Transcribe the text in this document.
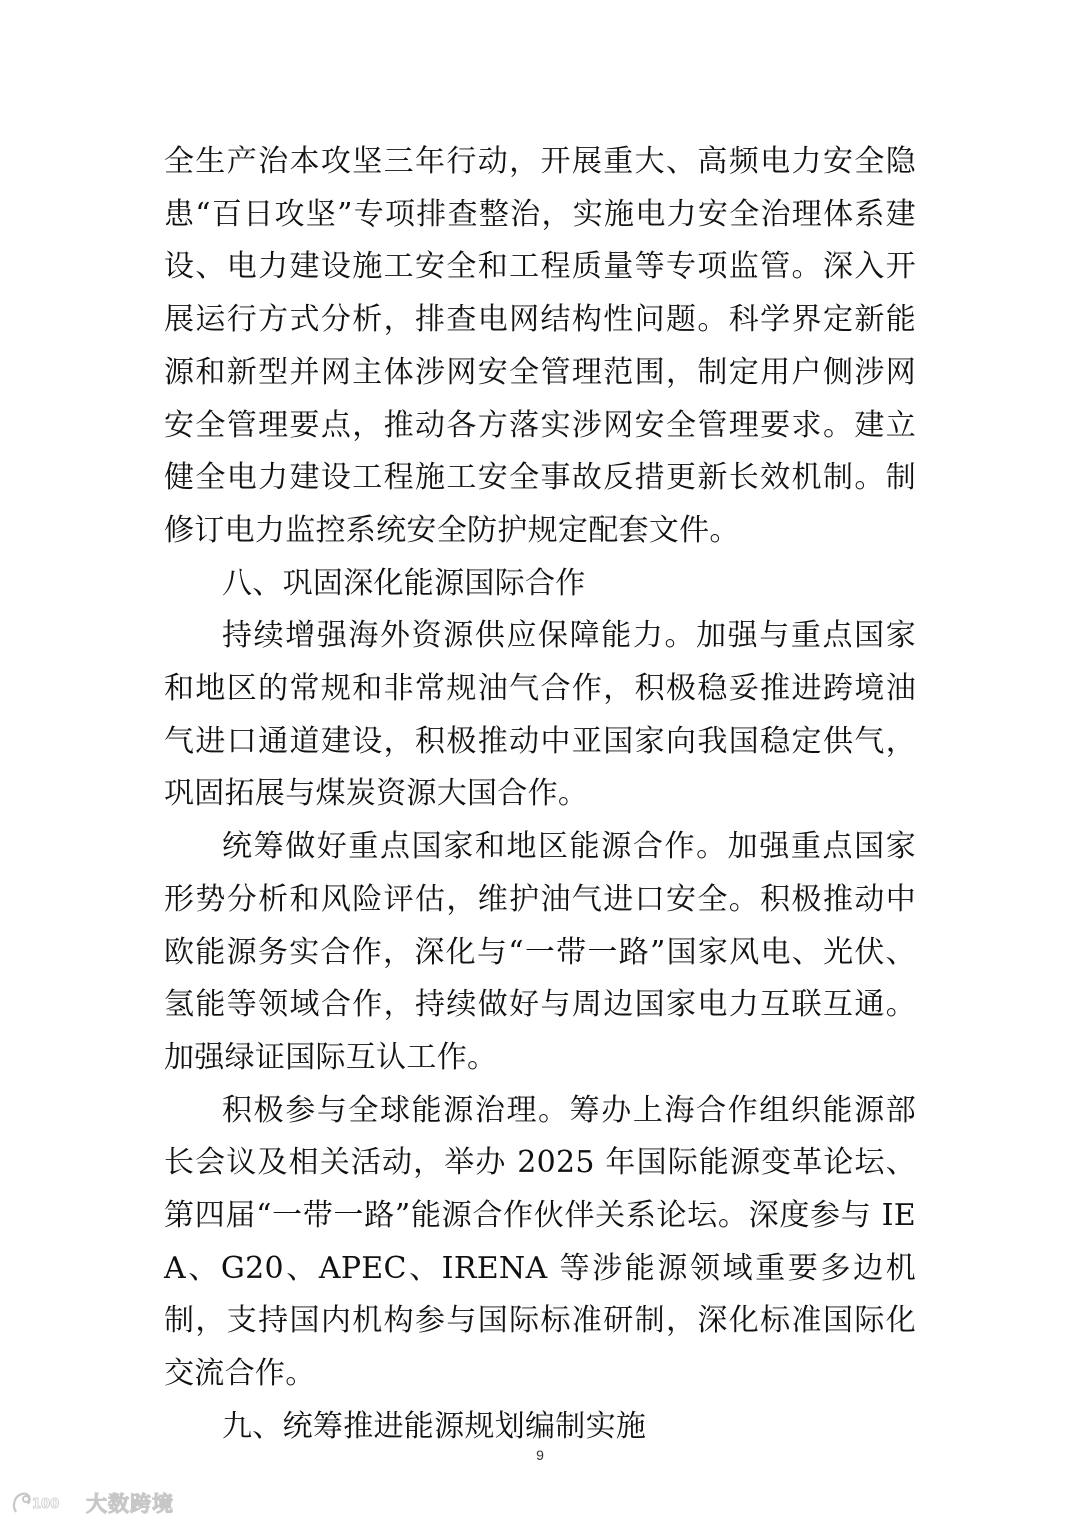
全生产治本攻坚三年行动，开展重大、高频电力安全隐患“百日攻坚”专项排查整治，实施电力安全治理体系建设、电力建设施工安全和工程质量等专项监管。深入开展运行方式分析，排查电网结构性问题。科学界定新能源和新型并网主体涉网安全管理范围，制定用户侧涉网安全管理要点，推动各方落实涉网安全管理要求。建立健全电力建设工程施工安全事故反措更新长效机制。制修订电力监控系统安全防护规定配套文件。

八、巩固深化能源国际合作

持续增强海外资源供应保障能力。加强与重点国家和地区的常规和非常规油气合作，积极稳妥推进跨境油气进口通道建设，积极推动中亚国家向我国稳定供气，巩固拓展与煤炭资源大国合作。

统筹做好重点国家和地区能源合作。加强重点国家形势分析和风险评估，维护油气进口安全。积极推动中欧能源务实合作，深化与“一带一路”国家风电、光伏、氢能等领域合作，持续做好与周边国家电力互联互通。加强绿证国际互认工作。

积极参与全球能源治理。筹办上海合作组织能源部长会议及相关活动，举办 2025 年国际能源变革论坛、第四届“一带一路”能源合作伙伴关系论坛。深度参与 IEA、G20、APEC、IRENA 等涉能源领域重要多边机制，支持国内机构参与国际标准研制，深化标准国际化交流合作。

九、统筹推进能源规划编制实施

9
100 大数跨境
